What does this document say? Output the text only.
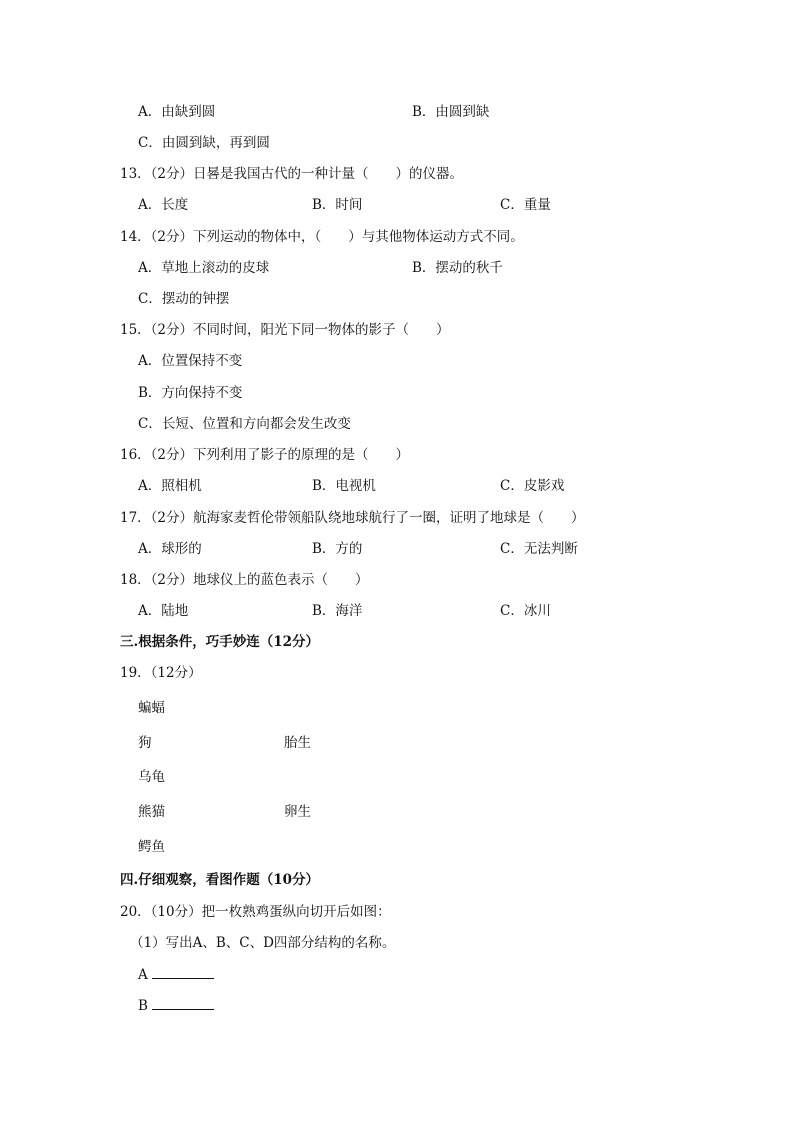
A．由缺到圆	B．由圆到缺
C．由圆到缺，再到圆
13．（2分）日晷是我国古代的一种计量（　　）的仪器。
A．长度	B．时间	C．重量
14．（2分）下列运动的物体中，（　　）与其他物体运动方式不同。
A．草地上滚动的皮球	B．摆动的秋千
C．摆动的钟摆
15．（2分）不同时间，阳光下同一物体的影子（　　）
A．位置保持不变
B．方向保持不变
C．长短、位置和方向都会发生改变
16．（2分）下列利用了影子的原理的是（　　）
A．照相机	B．电视机	C．皮影戏
17．（2分）航海家麦哲伦带领船队绕地球航行了一圈，证明了地球是（　　）
A．球形的	B．方的	C．无法判断
18．（2分）地球仪上的蓝色表示（　　）
A．陆地	B．海洋	C．冰川
三.根据条件，巧手妙连（12分）
19．（12分）
蝙蝠
狗	胎生
乌龟
熊猫	卵生
鳄鱼
四.仔细观察，看图作题（10分）
20．（10分）把一枚熟鸡蛋纵向切开后如图：
（1）写出A、B、C、D四部分结构的名称。
A
B
